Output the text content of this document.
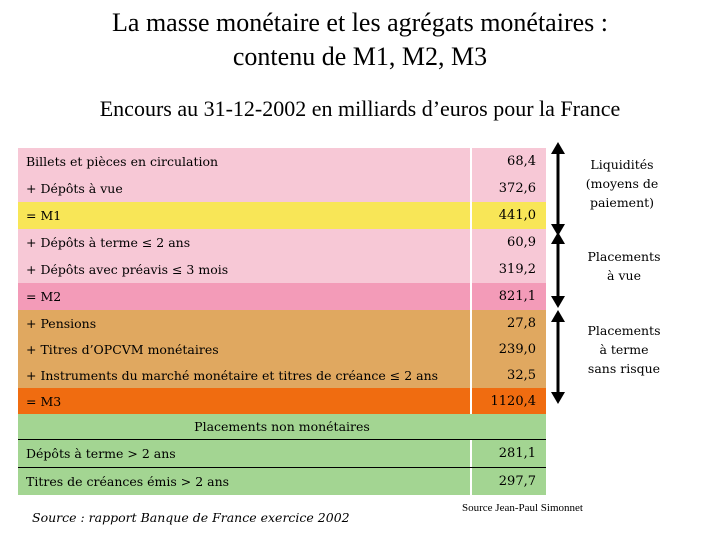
La masse monétaire et les agrégats monétaires :
contenu de M1, M2, M3
Encours au 31-12-2002 en milliards d’euros pour la France
Billets et pièces en circulation	68,4
+ Dépôts à vue	372,6
= M1	441,0
+ Dépôts à terme ≤ 2 ans	60,9
+ Dépôts avec préavis ≤ 3 mois	319,2
= M2	821,1
+ Pensions	27,8
+ Titres d’OPCVM monétaires	239,0
+ Instruments du marché monétaire et titres de créance ≤ 2 ans	32,5
= M3	1120,4
Placements non monétaires
Dépôts à terme > 2 ans	281,1
Titres de créances émis > 2 ans	297,7
Liquidités
(moyens de
paiement)
Placements
à vue
Placements
à terme
sans risque
Source : rapport Banque de France exercice 2002
Source Jean-Paul Simonnet
